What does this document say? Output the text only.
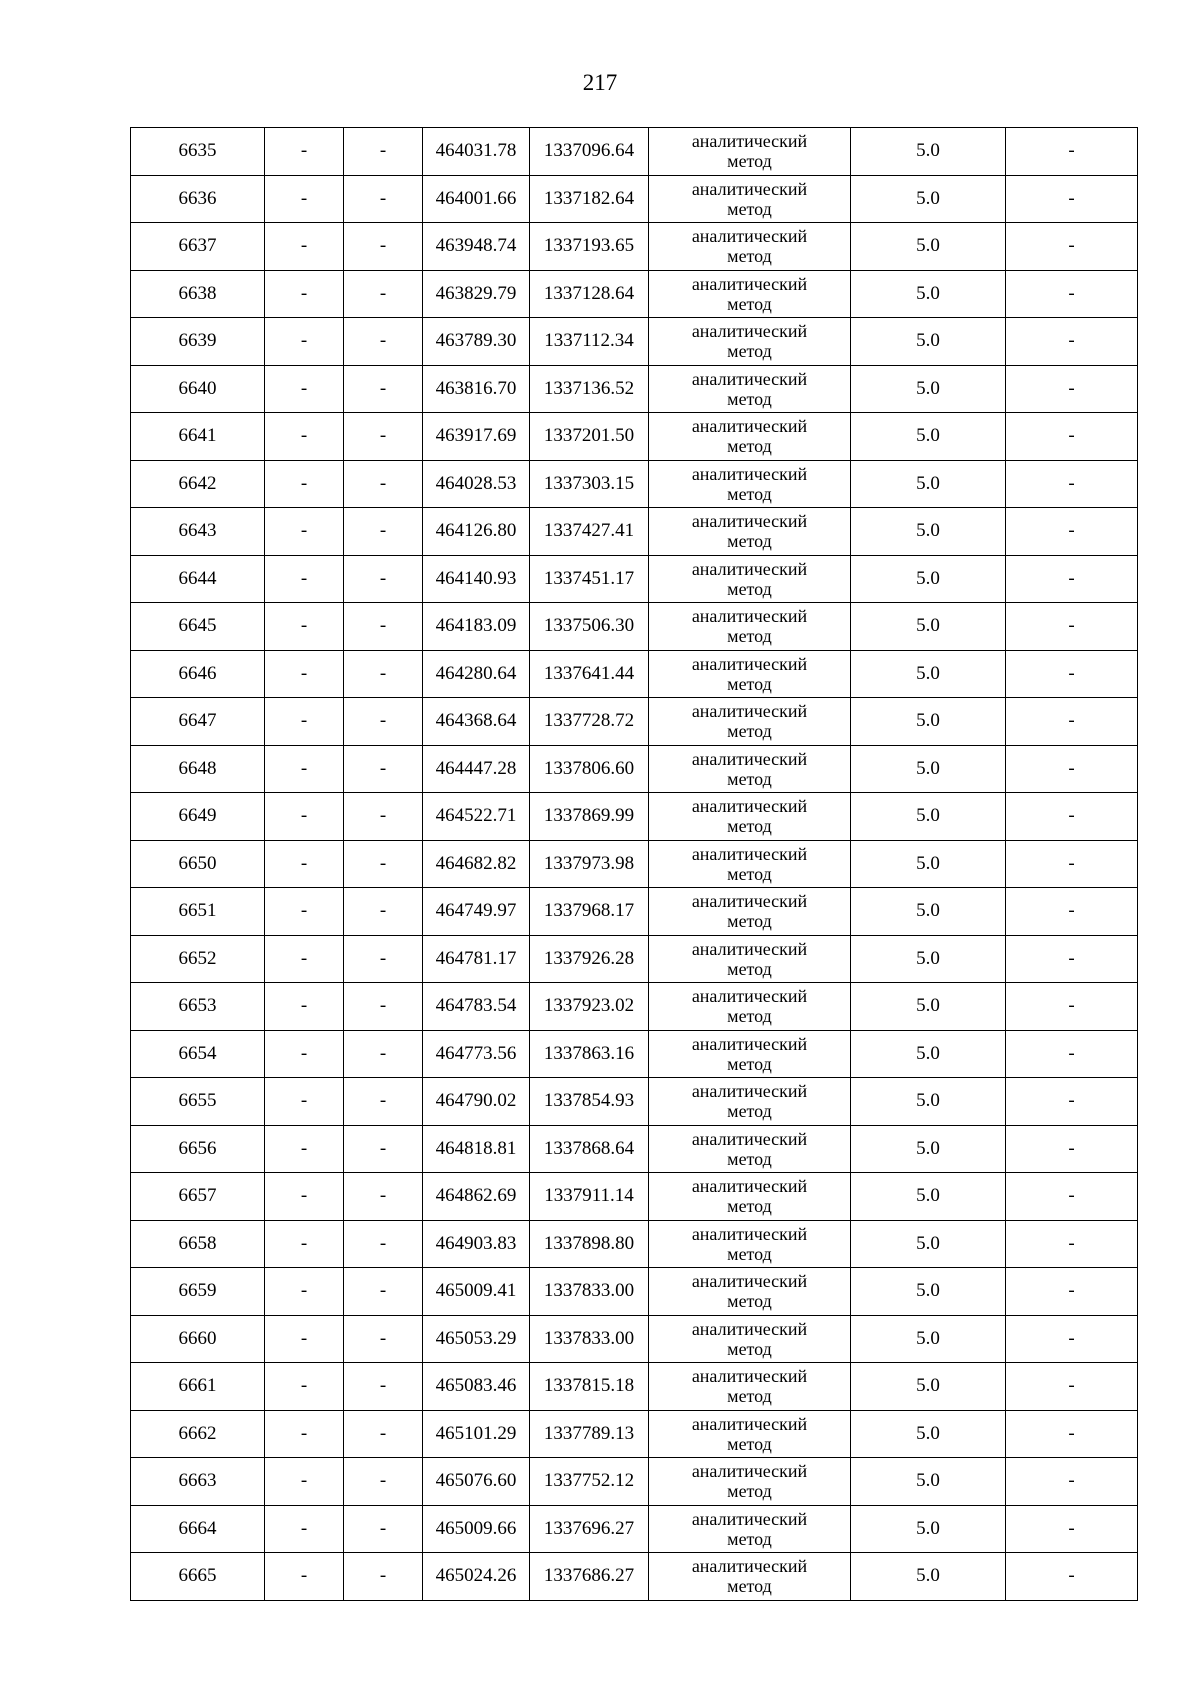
217
6635	-	-	464031.78	1337096.64	аналитический
метод	5.0	-
6636	-	-	464001.66	1337182.64	аналитический
метод	5.0	-
6637	-	-	463948.74	1337193.65	аналитический
метод	5.0	-
6638	-	-	463829.79	1337128.64	аналитический
метод	5.0	-
6639	-	-	463789.30	1337112.34	аналитический
метод	5.0	-
6640	-	-	463816.70	1337136.52	аналитический
метод	5.0	-
6641	-	-	463917.69	1337201.50	аналитический
метод	5.0	-
6642	-	-	464028.53	1337303.15	аналитический
метод	5.0	-
6643	-	-	464126.80	1337427.41	аналитический
метод	5.0	-
6644	-	-	464140.93	1337451.17	аналитический
метод	5.0	-
6645	-	-	464183.09	1337506.30	аналитический
метод	5.0	-
6646	-	-	464280.64	1337641.44	аналитический
метод	5.0	-
6647	-	-	464368.64	1337728.72	аналитический
метод	5.0	-
6648	-	-	464447.28	1337806.60	аналитический
метод	5.0	-
6649	-	-	464522.71	1337869.99	аналитический
метод	5.0	-
6650	-	-	464682.82	1337973.98	аналитический
метод	5.0	-
6651	-	-	464749.97	1337968.17	аналитический
метод	5.0	-
6652	-	-	464781.17	1337926.28	аналитический
метод	5.0	-
6653	-	-	464783.54	1337923.02	аналитический
метод	5.0	-
6654	-	-	464773.56	1337863.16	аналитический
метод	5.0	-
6655	-	-	464790.02	1337854.93	аналитический
метод	5.0	-
6656	-	-	464818.81	1337868.64	аналитический
метод	5.0	-
6657	-	-	464862.69	1337911.14	аналитический
метод	5.0	-
6658	-	-	464903.83	1337898.80	аналитический
метод	5.0	-
6659	-	-	465009.41	1337833.00	аналитический
метод	5.0	-
6660	-	-	465053.29	1337833.00	аналитический
метод	5.0	-
6661	-	-	465083.46	1337815.18	аналитический
метод	5.0	-
6662	-	-	465101.29	1337789.13	аналитический
метод	5.0	-
6663	-	-	465076.60	1337752.12	аналитический
метод	5.0	-
6664	-	-	465009.66	1337696.27	аналитический
метод	5.0	-
6665	-	-	465024.26	1337686.27	аналитический
метод	5.0	-
